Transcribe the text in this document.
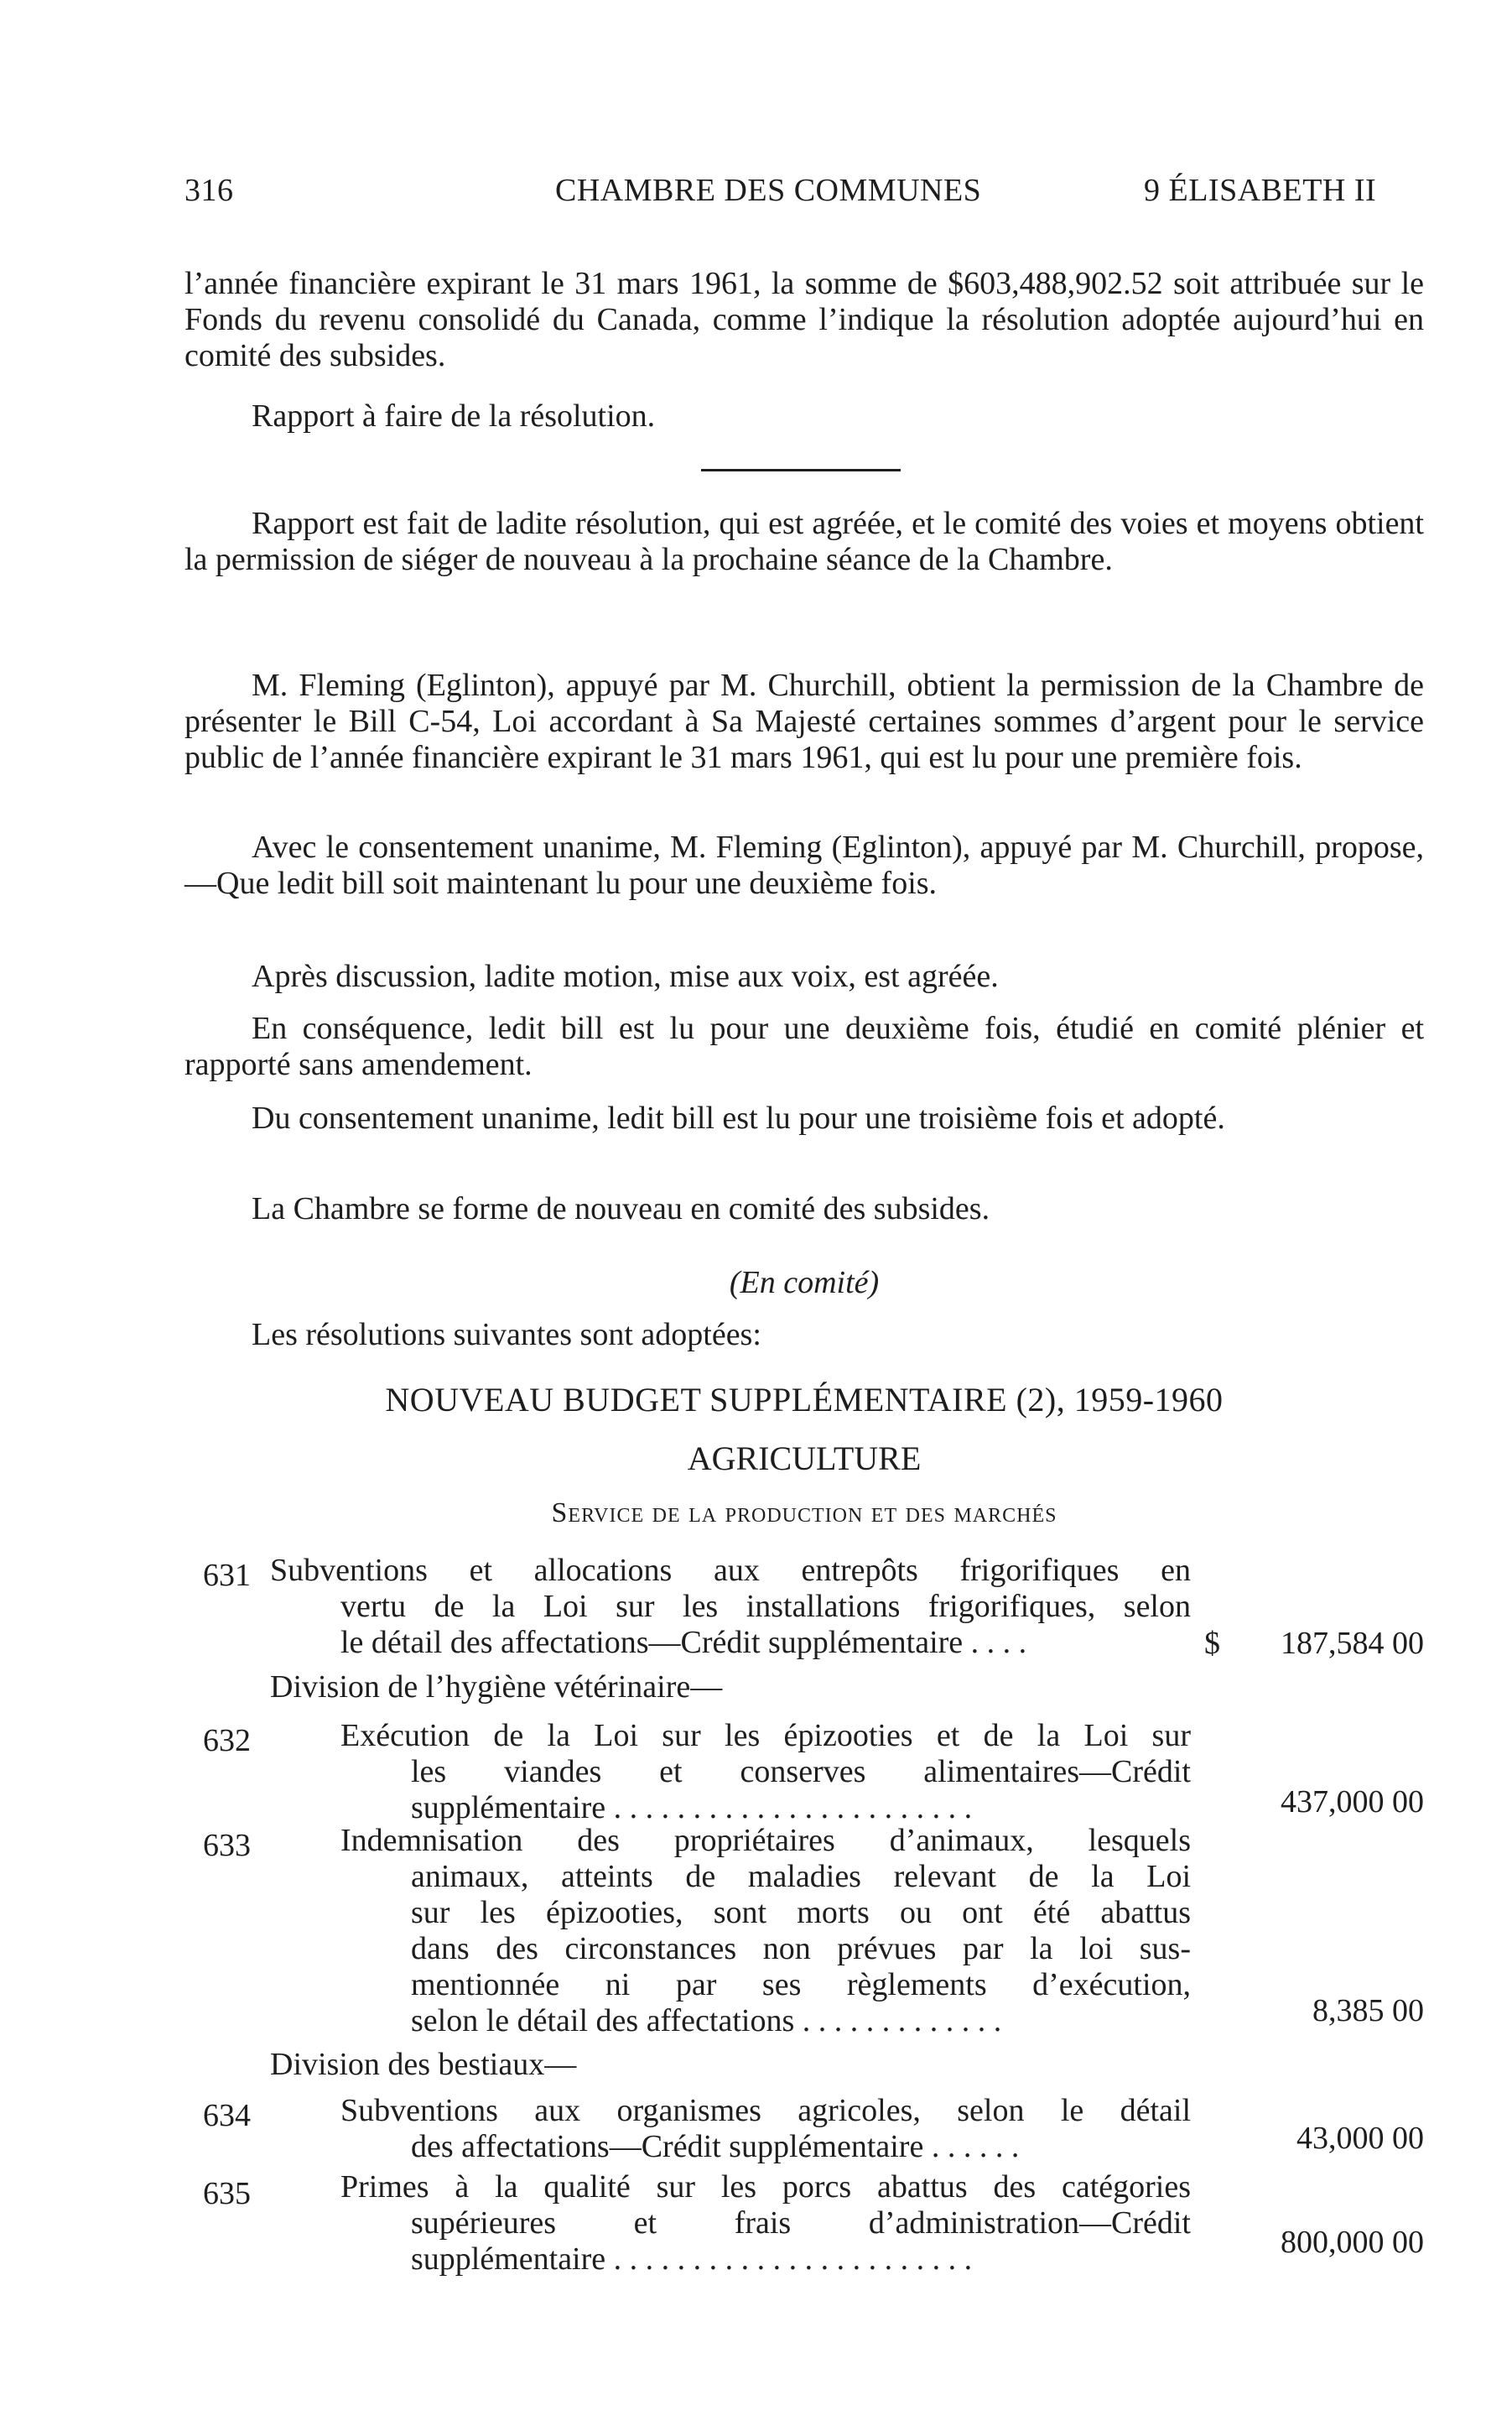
316	CHAMBRE DES COMMUNES	9 ÉLISABETH II

l’année financière expirant le 31 mars 1961, la somme de $603,488,902.52 soit attribuée sur le Fonds du revenu consolidé du Canada, comme l’indique la résolution adoptée aujourd’hui en comité des subsides.

Rapport à faire de la résolution.

Rapport est fait de ladite résolution, qui est agréée, et le comité des voies et moyens obtient la permission de siéger de nouveau à la prochaine séance de la Chambre.

M. Fleming (Eglinton), appuyé par M. Churchill, obtient la permission de la Chambre de présenter le Bill C-54, Loi accordant à Sa Majesté certaines sommes d’argent pour le service public de l’année financière expirant le 31 mars 1961, qui est lu pour une première fois.

Avec le consentement unanime, M. Fleming (Eglinton), appuyé par M. Churchill, propose,—Que ledit bill soit maintenant lu pour une deuxième fois.

Après discussion, ladite motion, mise aux voix, est agréée.

En conséquence, ledit bill est lu pour une deuxième fois, étudié en comité plénier et rapporté sans amendement.

Du consentement unanime, ledit bill est lu pour une troisième fois et adopté.

La Chambre se forme de nouveau en comité des subsides.

(En comité)

Les résolutions suivantes sont adoptées:

NOUVEAU BUDGET SUPPLÉMENTAIRE (2), 1959-1960
AGRICULTURE
Service de la production et des marchés
631 Subventions et allocations aux entrepôts frigorifiques en
vertu de la Loi sur les installations frigorifiques, selon
le détail des affectations—Crédit supplémentaire . . . .	$	187,584 00
Division de l’hygiène vétérinaire—
632	Exécution de la Loi sur les épizooties et de la Loi sur
les viandes et conserves alimentaires—Crédit
supplémentaire . . . . . . . . . . . . . . . . . . . . . . .	437,000 00
633	Indemnisation des propriétaires d’animaux, lesquels
animaux, atteints de maladies relevant de la Loi
sur les épizooties, sont morts ou ont été abattus
dans des circonstances non prévues par la loi sus-
mentionnée ni par ses règlements d’exécution,
selon le détail des affectations . . . . . . . . . . . . .	8,385 00
Division des bestiaux—
634	Subventions aux organismes agricoles, selon le détail
des affectations—Crédit supplémentaire . . . . . .	43,000 00
635	Primes à la qualité sur les porcs abattus des catégories
supérieures et frais d’administration—Crédit
supplémentaire . . . . . . . . . . . . . . . . . . . . . . .	800,000 00
